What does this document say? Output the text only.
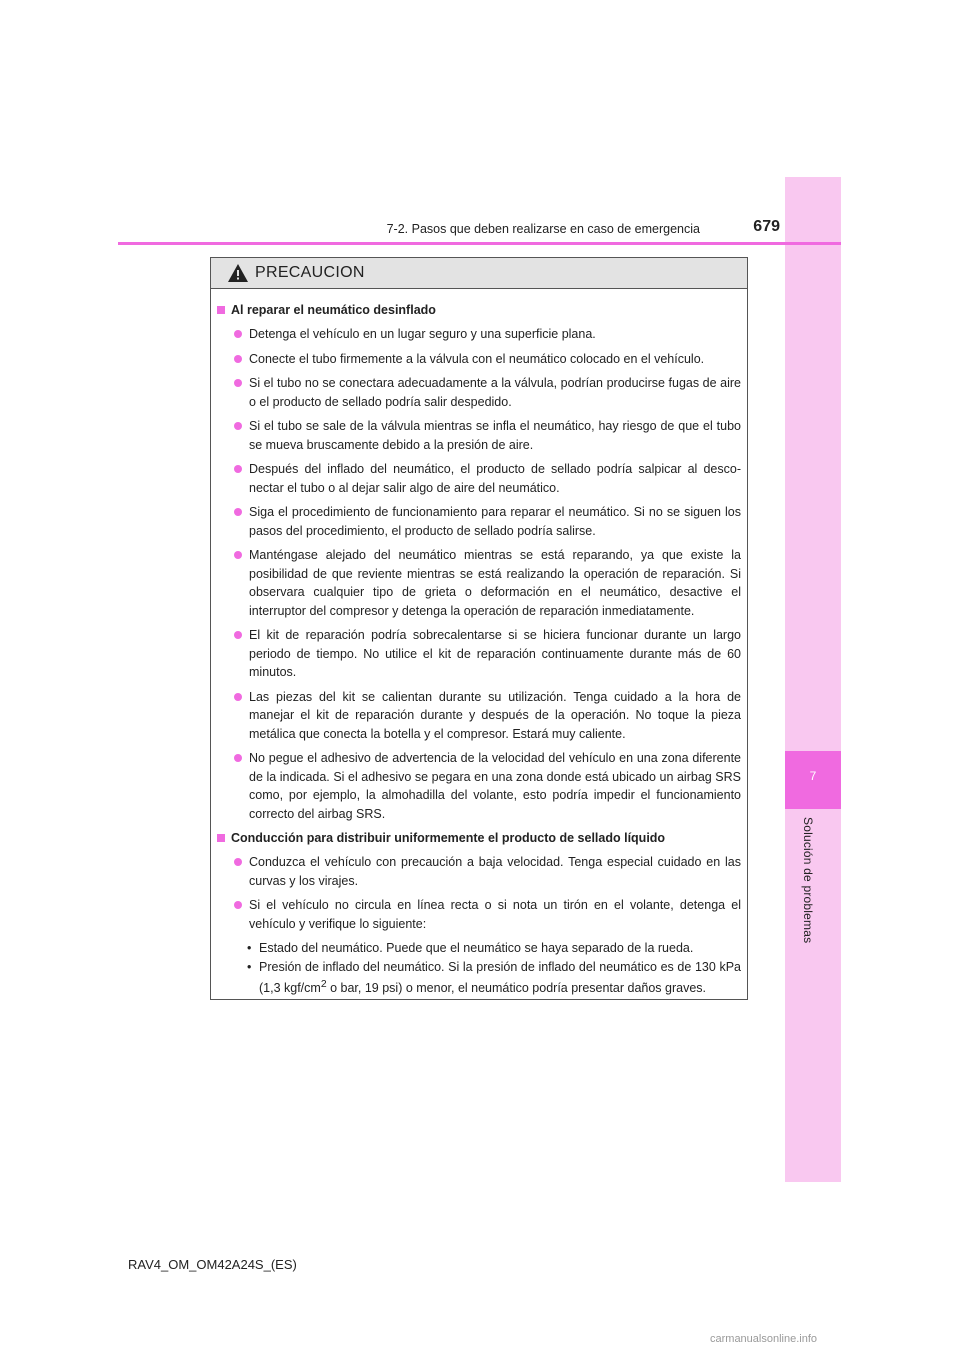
7
Solución de problemas
7-2. Pasos que deben realizarse en caso de emergencia	679
PRECAUCION
Al reparar el neumático desinflado
Detenga el vehículo en un lugar seguro y una superficie plana.
Conecte el tubo firmemente a la válvula con el neumático colocado en el vehículo.
Si el tubo no se conectara adecuadamente a la válvula, podrían producirse fugas de aire o el producto de sellado podría salir despedido.
Si el tubo se sale de la válvula mientras se infla el neumático, hay riesgo de que el tubo se mueva bruscamente debido a la presión de aire.
Después del inflado del neumático, el producto de sellado podría salpicar al desco-nectar el tubo o al dejar salir algo de aire del neumático.
Siga el procedimiento de funcionamiento para reparar el neumático. Si no se siguen los pasos del procedimiento, el producto de sellado podría salirse.
Manténgase alejado del neumático mientras se está reparando, ya que existe la posibilidad de que reviente mientras se está realizando la operación de reparación. Si observara cualquier tipo de grieta o deformación en el neumático, desactive el interruptor del compresor y detenga la operación de reparación inmediatamente.
El kit de reparación podría sobrecalentarse si se hiciera funcionar durante un largo periodo de tiempo. No utilice el kit de reparación continuamente durante más de 60 minutos.
Las piezas del kit se calientan durante su utilización. Tenga cuidado a la hora de manejar el kit de reparación durante y después de la operación. No toque la pieza metálica que conecta la botella y el compresor. Estará muy caliente.
No pegue el adhesivo de advertencia de la velocidad del vehículo en una zona diferente de la indicada. Si el adhesivo se pegara en una zona donde está ubicado un airbag SRS como, por ejemplo, la almohadilla del volante, esto podría impedir el funcionamiento correcto del airbag SRS.
Conducción para distribuir uniformemente el producto de sellado líquido
Conduzca el vehículo con precaución a baja velocidad. Tenga especial cuidado en las curvas y los virajes.
Si el vehículo no circula en línea recta o si nota un tirón en el volante, detenga el vehículo y verifique lo siguiente:
• Estado del neumático. Puede que el neumático se haya separado de la rueda.
• Presión de inflado del neumático. Si la presión de inflado del neumático es de 130 kPa (1,3 kgf/$cm^2$ o bar, 19 psi) o menor, el neumático podría presentar daños graves.
RAV4_OM_OM42A24S_(ES)
carmanualsonline.info
